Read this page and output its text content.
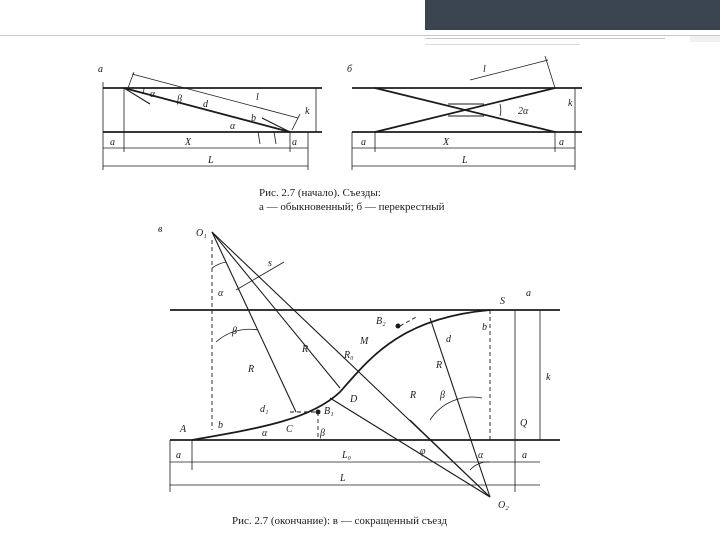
а
α β d
l
b
α
k
a	X	a
L
б	l
2α
k
a	X	a
L
Рис. 2.7 (начало). Съезды:
а — обыкновенный; б — перекрестный
в	O₁
O₂
S
A
Q
D
M
B₁
B₂
C
α
s
β
R
R
R
R
R₀
d₁
d
b
b
α	β
β
φ	α
a	a
a
k
L₀
L
Рис. 2.7 (окончание): в — сокращенный съезд
